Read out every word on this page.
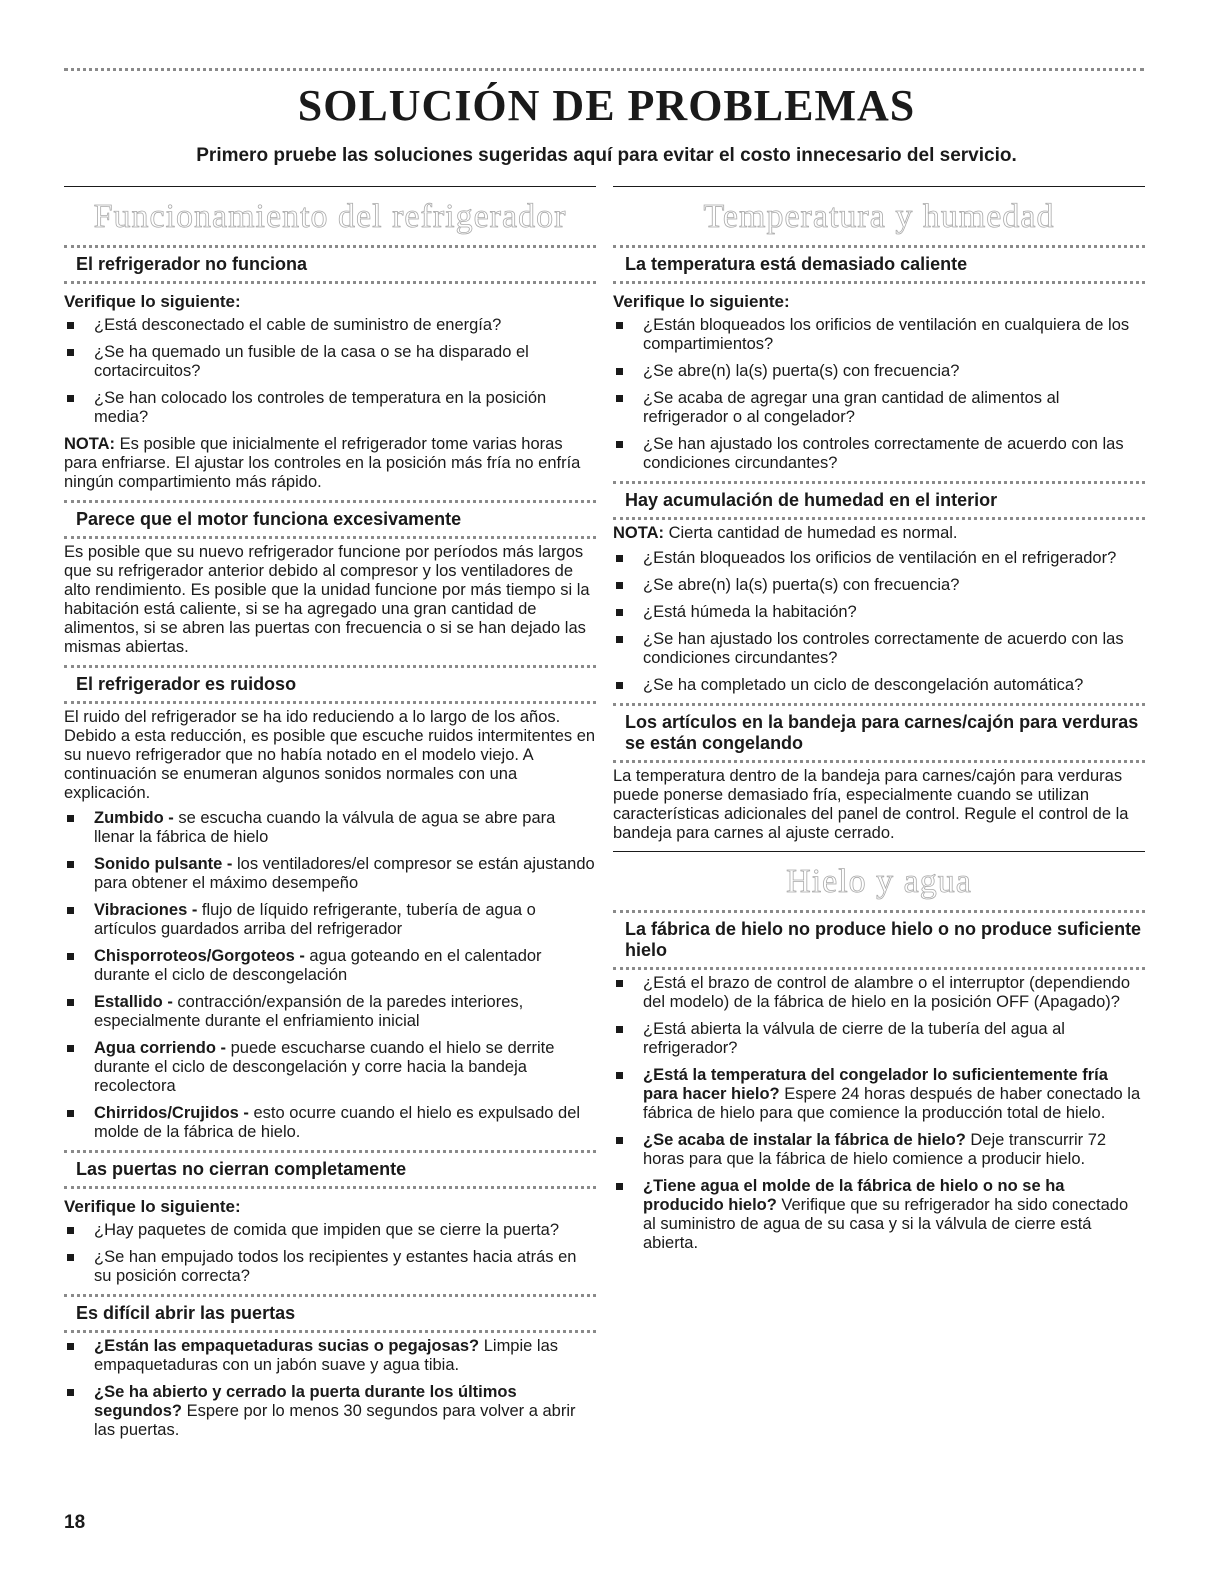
SOLUCIÓN DE PROBLEMAS

Primero pruebe las soluciones sugeridas aquí para evitar el costo innecesario del servicio.

Funcionamiento del refrigerador
El refrigerador no funciona
Verifique lo siguiente:
¿Está desconectado el cable de suministro de energía?
¿Se ha quemado un fusible de la casa o se ha disparado el cortacircuitos?
¿Se han colocado los controles de temperatura en la posición media?

NOTA: Es posible que inicialmente el refrigerador tome varias horas para enfriarse. El ajustar los controles en la posición más fría no enfría ningún compartimiento más rápido.

Parece que el motor funciona excesivamente

Es posible que su nuevo refrigerador funcione por períodos más largos que su refrigerador anterior debido al compresor y los ventiladores de alto rendimiento. Es posible que la unidad funcione por más tiempo si la habitación está caliente, si se ha agregado una gran cantidad de alimentos, si se abren las puertas con frecuencia o si se han dejado las mismas abiertas.

El refrigerador es ruidoso

El ruido del refrigerador se ha ido reduciendo a lo largo de los años. Debido a esta reducción, es posible que escuche ruidos intermitentes en su nuevo refrigerador que no había notado en el modelo viejo. A continuación se enumeran algunos sonidos normales con una explicación.

Zumbido - se escucha cuando la válvula de agua se abre para llenar la fábrica de hielo
Sonido pulsante - los ventiladores/el compresor se están ajustando para obtener el máximo desempeño
Vibraciones - flujo de líquido refrigerante, tubería de agua o artículos guardados arriba del refrigerador
Chisporroteos/Gorgoteos - agua goteando en el calentador durante el ciclo de descongelación
Estallido - contracción/expansión de la paredes interiores, especialmente durante el enfriamiento inicial
Agua corriendo - puede escucharse cuando el hielo se derrite durante el ciclo de descongelación y corre hacia la bandeja recolectora
Chirridos/Crujidos - esto ocurre cuando el hielo es expulsado del molde de la fábrica de hielo.
Las puertas no cierran completamente
Verifique lo siguiente:
¿Hay paquetes de comida que impiden que se cierre la puerta?
¿Se han empujado todos los recipientes y estantes hacia atrás en su posición correcta?
Es difícil abrir las puertas
¿Están las empaquetaduras sucias o pegajosas? Limpie las empaquetaduras con un jabón suave y agua tibia.
¿Se ha abierto y cerrado la puerta durante los últimos segundos? Espere por lo menos 30 segundos para volver a abrir las puertas.
Temperatura y humedad
La temperatura está demasiado caliente
Verifique lo siguiente:
¿Están bloqueados los orificios de ventilación en cualquiera de los compartimientos?
¿Se abre(n) la(s) puerta(s) con frecuencia?
¿Se acaba de agregar una gran cantidad de alimentos al refrigerador o al congelador?
¿Se han ajustado los controles correctamente de acuerdo con las condiciones circundantes?
Hay acumulación de humedad en el interior

NOTA: Cierta cantidad de humedad es normal.

¿Están bloqueados los orificios de ventilación en el refrigerador?
¿Se abre(n) la(s) puerta(s) con frecuencia?
¿Está húmeda la habitación?
¿Se han ajustado los controles correctamente de acuerdo con las condiciones circundantes?
¿Se ha completado un ciclo de descongelación automática?
Los artículos en la bandeja para carnes/cajón para verduras se están congelando

La temperatura dentro de la bandeja para carnes/cajón para verduras puede ponerse demasiado fría, especialmente cuando se utilizan características adicionales del panel de control. Regule el control de la bandeja para carnes al ajuste cerrado.

Hielo y agua
La fábrica de hielo no produce hielo o no produce suficiente hielo
¿Está el brazo de control de alambre o el interruptor (dependiendo del modelo) de la fábrica de hielo en la posición OFF (Apagado)?
¿Está abierta la válvula de cierre de la tubería del agua al refrigerador?
¿Está la temperatura del congelador lo suficientemente fría para hacer hielo? Espere 24 horas después de haber conectado la fábrica de hielo para que comience la producción total de hielo.
¿Se acaba de instalar la fábrica de hielo? Deje transcurrir 72 horas para que la fábrica de hielo comience a producir hielo.
¿Tiene agua el molde de la fábrica de hielo o no se ha producido hielo? Verifique que su refrigerador ha sido conectado al suministro de agua de su casa y si la válvula de cierre está abierta.
18
